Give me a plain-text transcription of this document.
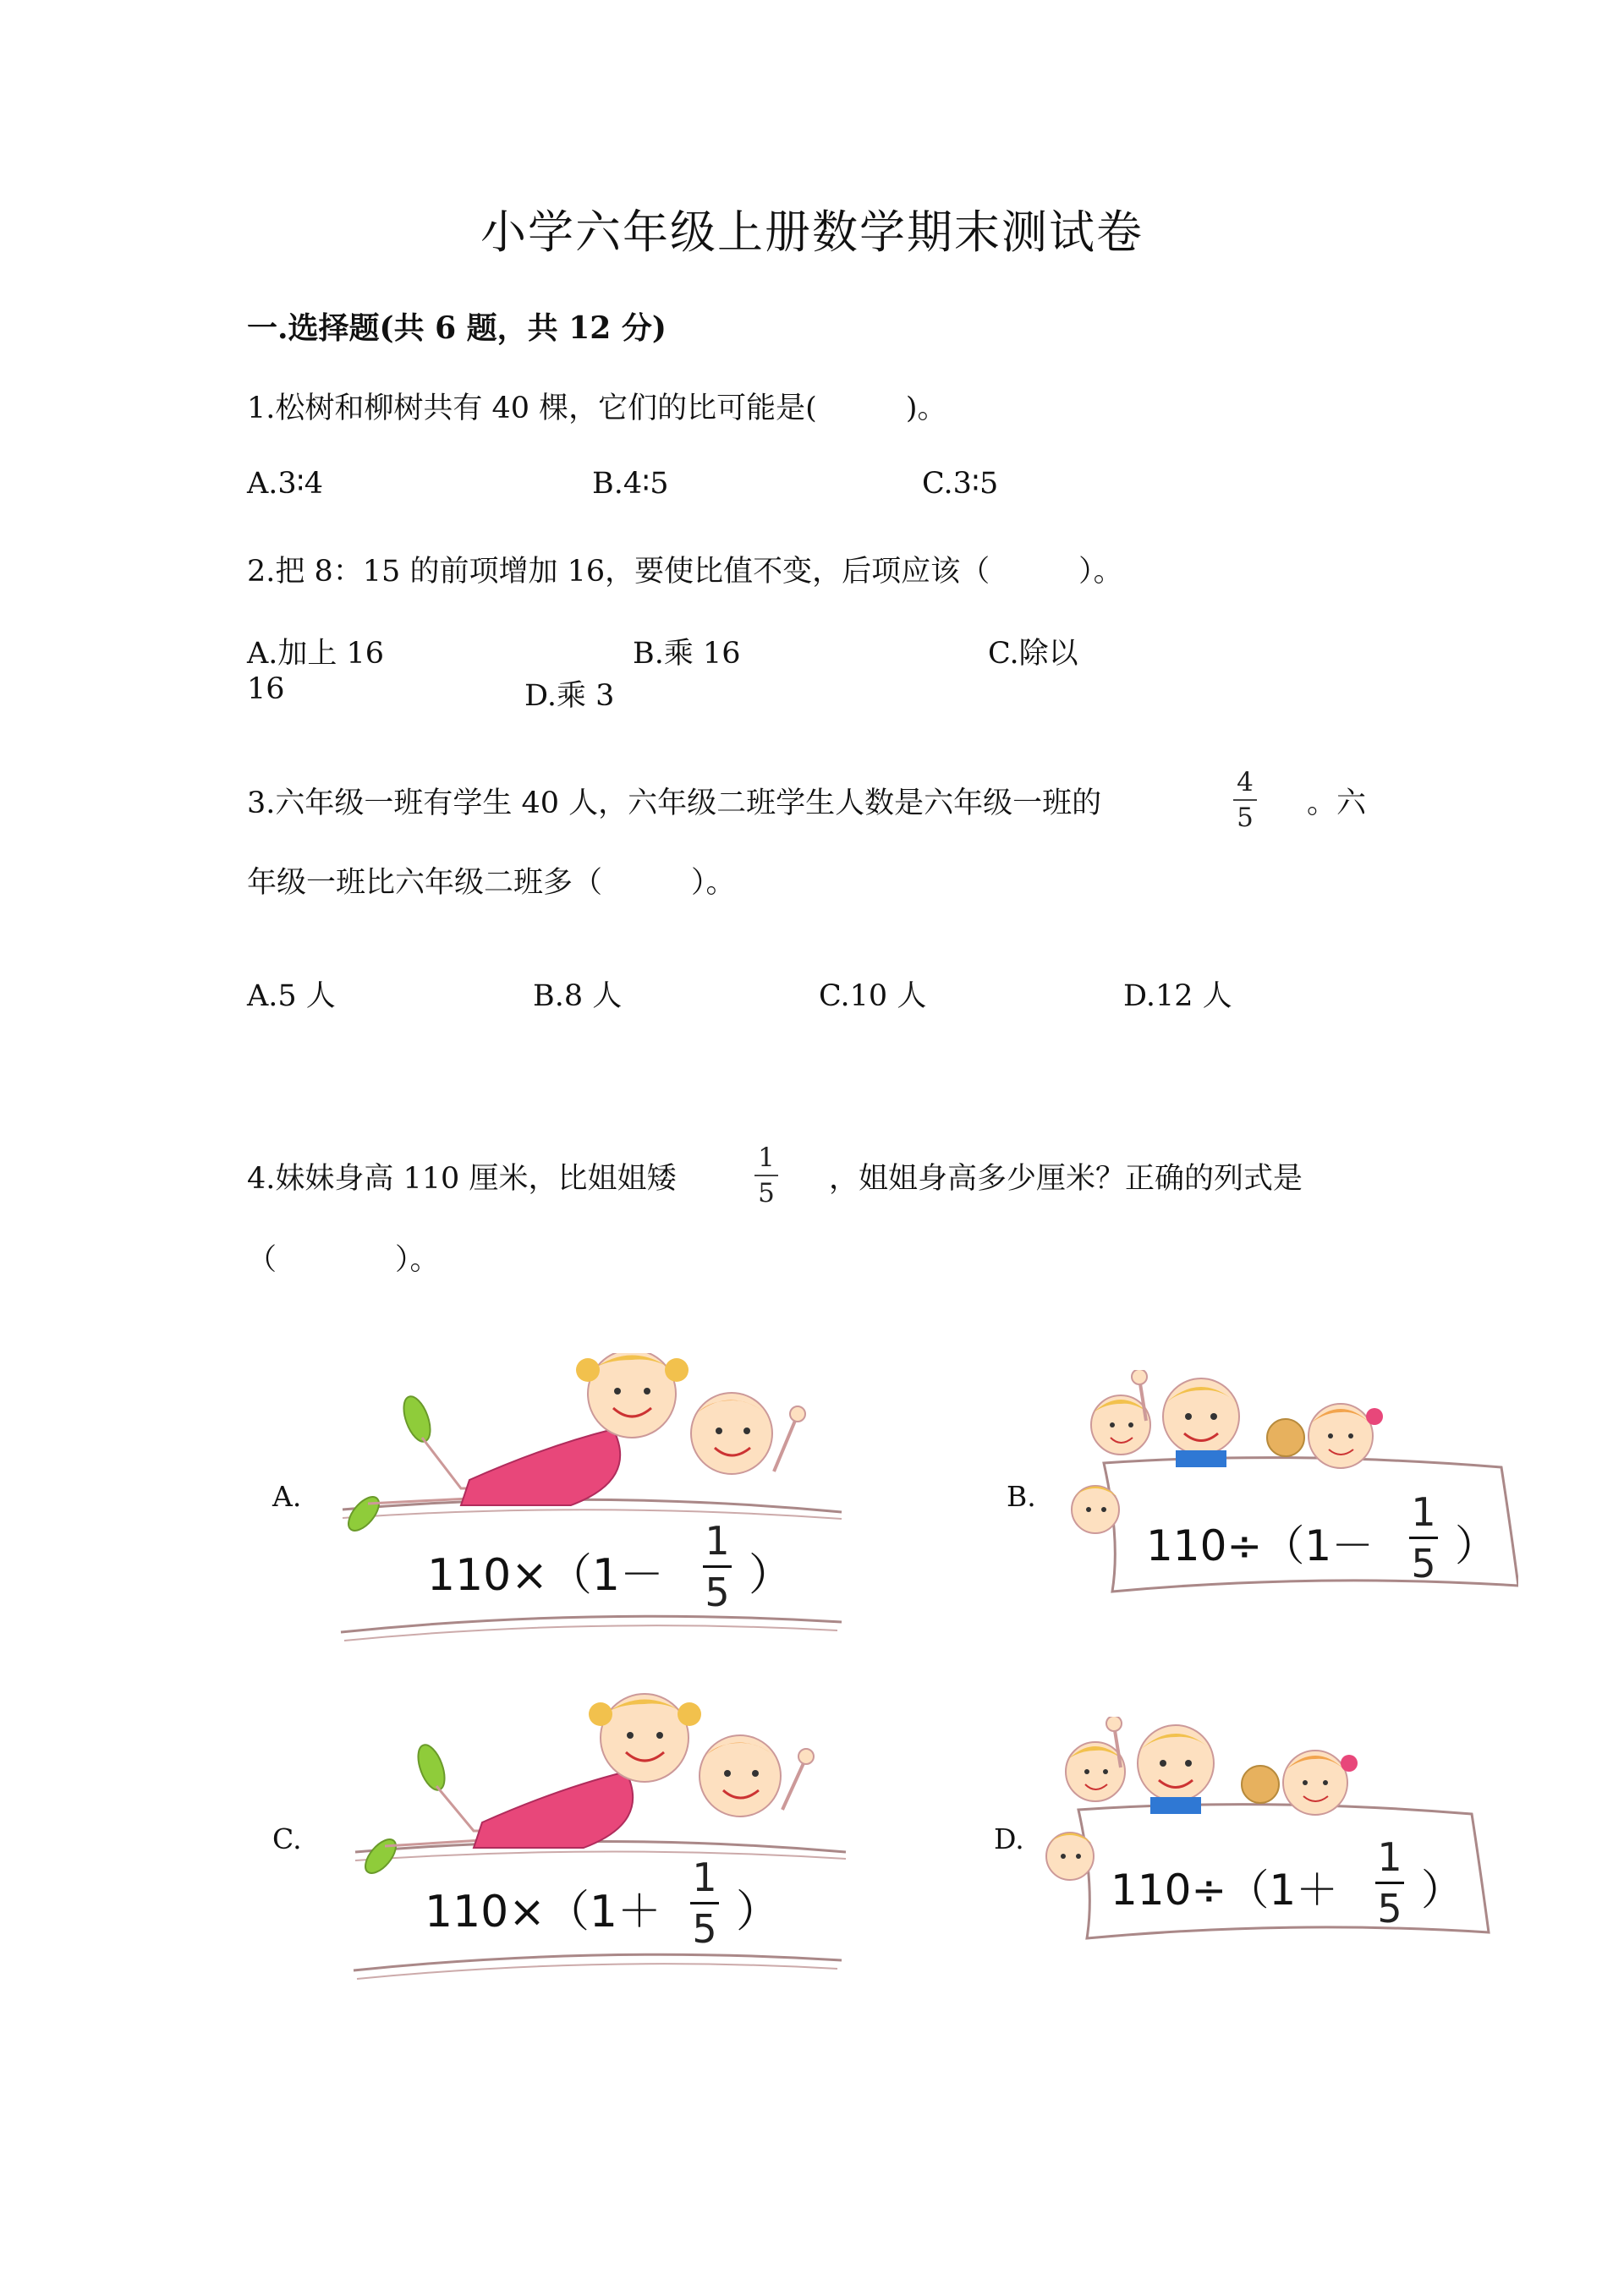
小学六年级上册数学期末测试卷
一.选择题(共 6 题，共 12 分)
1.松树和柳树共有 40 棵，它们的比可能是(　　　)。
A.3∶4	B.4∶5	C.3∶5
2.把 8：15 的前项增加 16，要使比值不变，后项应该（　　　）。
A.加上 16	B.乘 16	C.除以
16	D.乘 3
3.六年级一班有学生 40 人，六年级二班学生人数是六年级一班的
4
5 。六
年级一班比六年级二班多（　　　）。
A.5 人	B.8 人	C.10 人	D.12 人
4.妹妹身高 110 厘米，比姐姐矮
1
5 ，姐姐身高多少厘米？正确的列式是
（　　　　）。
A.
110×（1－
1
5 ）
B.
110÷（1－
1
5 ）
C.
110×（1＋
1
5 ）
D.
110÷（1＋
1
5 ）
